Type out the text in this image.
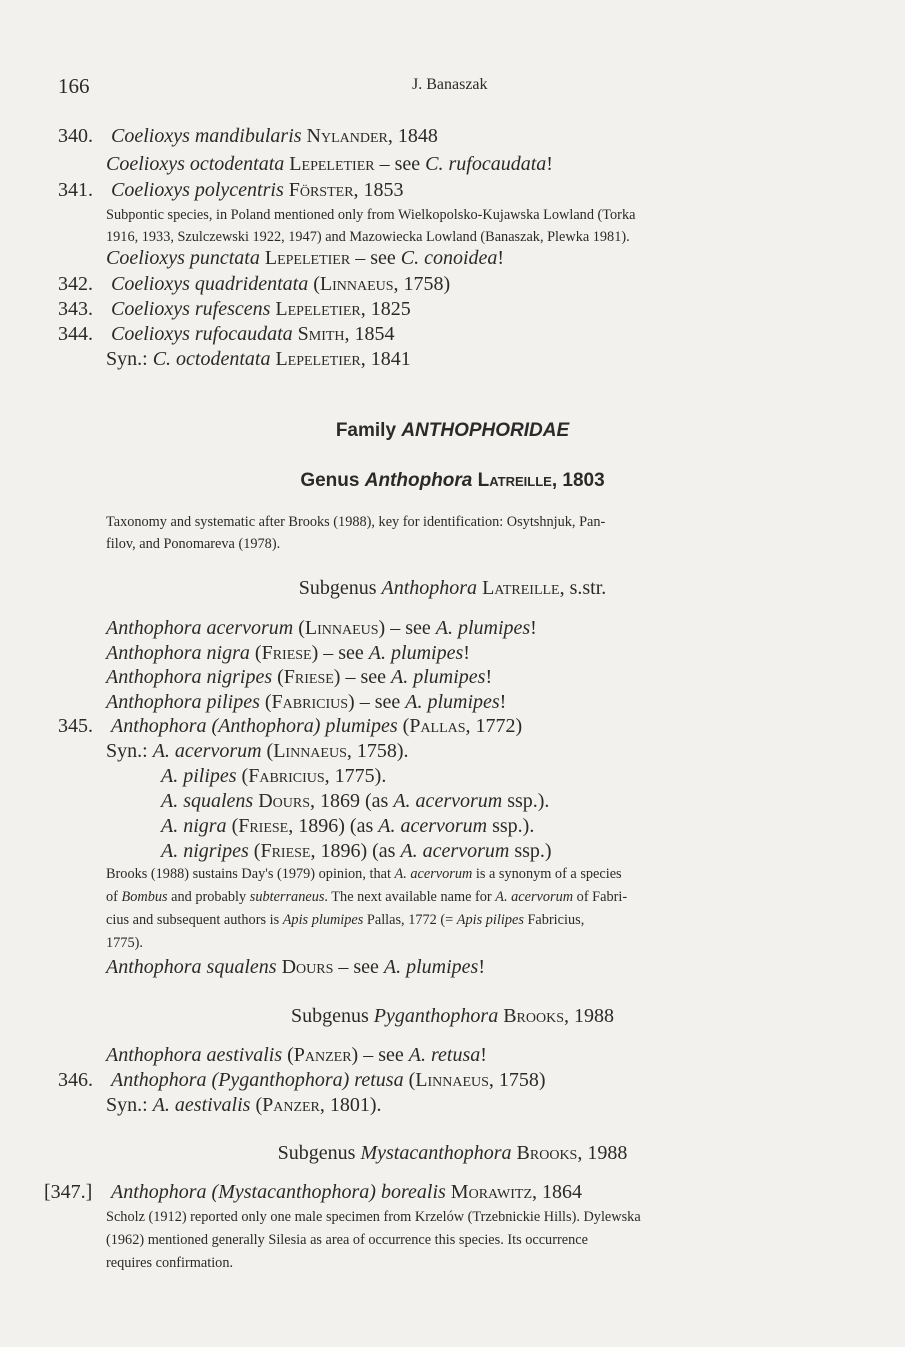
166	J. Banaszak
340. Coelioxys mandibularis Nylander, 1848
Coelioxys octodentata Lepeletier – see C. rufocaudata!
341. Coelioxys polycentris Förster, 1853
Subpontic species, in Poland mentioned only from Wielkopolsko-Kujawska Lowland (Torka
1916, 1933, Szulczewski 1922, 1947) and Mazowiecka Lowland (Banaszak, Plewka 1981).
Coelioxys punctata Lepeletier – see C. conoidea!
342. Coelioxys quadridentata (Linnaeus, 1758)
343. Coelioxys rufescens Lepeletier, 1825
344. Coelioxys rufocaudata Smith, 1854
Syn.: C. octodentata Lepeletier, 1841
Family ANTHOPHORIDAE
Genus Anthophora Latreille, 1803
Taxonomy and systematic after Brooks (1988), key for identification: Osytshnjuk, Pan-
filov, and Ponomareva (1978).
Subgenus Anthophora Latreille, s.str.
Anthophora acervorum (Linnaeus) – see A. plumipes!
Anthophora nigra (Friese) – see A. plumipes!
Anthophora nigripes (Friese) – see A. plumipes!
Anthophora pilipes (Fabricius) – see A. plumipes!
345. Anthophora (Anthophora) plumipes (Pallas, 1772)
Syn.: A. acervorum (Linnaeus, 1758).
A. pilipes (Fabricius, 1775).
A. squalens Dours, 1869 (as A. acervorum ssp.).
A. nigra (Friese, 1896) (as A. acervorum ssp.).
A. nigripes (Friese, 1896) (as A. acervorum ssp.)
Brooks (1988) sustains Day's (1979) opinion, that A. acervorum is a synonym of a species
of Bombus and probably subterraneus. The next available name for A. acervorum of Fabri-
cius and subsequent authors is Apis plumipes Pallas, 1772 (= Apis pilipes Fabricius,
1775).
Anthophora squalens Dours – see A. plumipes!
Subgenus Pyganthophora Brooks, 1988
Anthophora aestivalis (Panzer) – see A. retusa!
346. Anthophora (Pyganthophora) retusa (Linnaeus, 1758)
Syn.: A. aestivalis (Panzer, 1801).
Subgenus Mystacanthophora Brooks, 1988
[347.] Anthophora (Mystacanthophora) borealis Morawitz, 1864
Scholz (1912) reported only one male specimen from Krzelów (Trzebnickie Hills). Dylewska
(1962) mentioned generally Silesia as area of occurrence this species. Its occurrence
requires confirmation.
